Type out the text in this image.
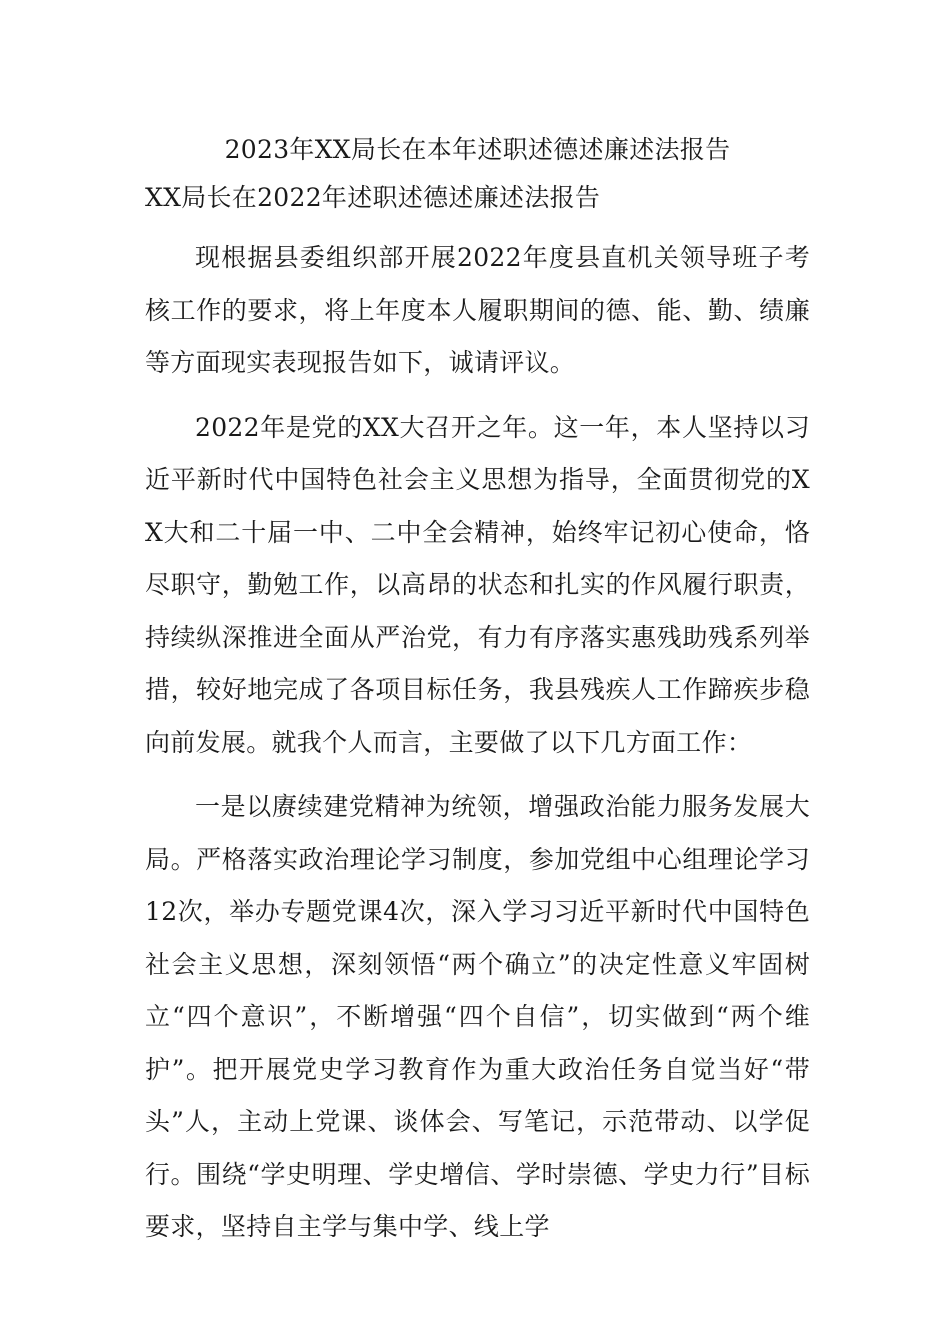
2023年XX局长在本年述职述德述廉述法报告
XX局长在2022年述职述德述廉述法报告

现根据县委组织部开展2022年度县直机关领导班子考核工作的要求，将上年度本人履职期间的德、能、勤、绩廉等方面现实表现报告如下，诚请评议。

2022年是党的XX大召开之年。这一年，本人坚持以习近平新时代中国特色社会主义思想为指导，全面贯彻党的XX大和二十届一中、二中全会精神，始终牢记初心使命，恪尽职守，勤勉工作，以高昂的状态和扎实的作风履行职责，持续纵深推进全面从严治党，有力有序落实惠残助残系列举措，较好地完成了各项目标任务，我县残疾人工作蹄疾步稳向前发展。就我个人而言，主要做了以下几方面工作：

一是以赓续建党精神为统领，增强政治能力服务发展大局。严格落实政治理论学习制度，参加党组中心组理论学习12次，举办专题党课4次，深入学习习近平新时代中国特色社会主义思想，深刻领悟“两个确立”的决定性意义牢固树立“四个意识”，不断增强“四个自信”，切实做到“两个维护”。把开展党史学习教育作为重大政治任务自觉当好“带头”人，主动上党课、谈体会、写笔记，示范带动、以学促行。围绕“学史明理、学史增信、学时崇德、学史力行”目标要求，坚持自主学与集中学、线上学
